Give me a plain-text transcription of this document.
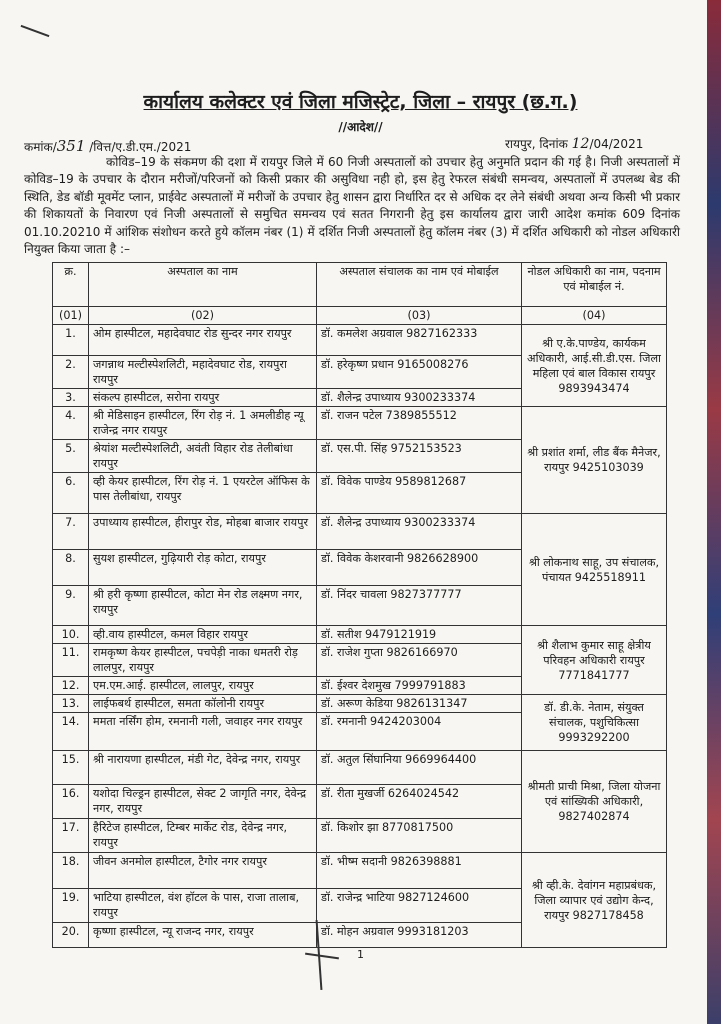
कार्यालय कलेक्टर एवं जिला मजिस्ट्रेट, जिला – रायपुर (छ.ग.)
//आदेश//
कमांक/351 /वित्त/ए.डी.एम./2021	रायपुर, दिनांक 12/04/2021
कोविड–19 के संकमण की दशा में रायपुर जिले में 60 निजी अस्पतालों को उपचार हेतु अनुमति प्रदान की गई है। निजी अस्पतालों में कोविड–19 के उपचार के दौरान मरीजों/परिजनों को किसी प्रकार की असुविधा नही हो, इस हेतु रेफरल संबंधी समन्वय, अस्पतालों में उपलब्ध बेड की स्थिति, डेड बॉडी मूवमेंट प्लान, प्राईवेट अस्पतालों में मरीजों के उपचार हेतु शासन द्वारा निर्धारित दर से अधिक दर लेने संबंधी अथवा अन्य किसी भी प्रकार की शिकायतों के निवारण एवं निजी अस्पतालों से समुचित समन्वय एवं सतत निगरानी हेतु इस कार्यालय द्वारा जारी आदेश कमांक 609 दिनांक 01.10.20210 में आंशिक संशोधन करते हुये कॉलम नंबर (1) में दर्शित निजी अस्पतालों हेतु कॉलम नंबर (3) में दर्शित अधिकारी को नोडल अधिकारी नियुक्त किया जाता है :–
क्र.	अस्पताल का नाम	अस्पताल संचालक का नाम एवं मोबाईल	नोडल अधिकारी का नाम, पदनाम एवं मोबाईल नं.
(01)	(02)	(03)	(04)
1.	ओम हास्पीटल, महादेवघाट रोड सुन्दर नगर रायपुर	डॉ. कमलेश अग्रवाल 9827162333	श्री ए.के.पाण्डेय, कार्यकम अधिकारी, आई.सी.डी.एस. जिला महिला एवं बाल विकास रायपुर 9893943474
2.	जगन्नाथ मल्टीस्पेशलिटी, महादेवघाट रोड, रायपुरा रायपुर	डॉ. हरेकृष्ण प्रधान 9165008276	
3.	संकल्प हास्पीटल, सरोना रायपुर	डॉ. शैलेन्द्र उपाध्याय 9300233374	
4.	श्री मेडिसाइन हास्पीटल, रिंग रोड़ नं. 1 अमलीडीह न्यू राजेन्द्र नगर रायपुर	डॉ. राजन पटेल 7389855512	श्री प्रशांत शर्मा, लीड बैंक मैनेजर, रायपुर 9425103039
5.	श्रेयांश मल्टीस्पेशलिटी, अवंती विहार रोड तेलीबांधा रायपुर	डॉ. एस.पी. सिंह 9752153523	
6.	व्ही केयर हास्पीटल, रिंग रोड़ नं. 1 एयरटेल ऑफिस के पास तेलीबांधा, रायपुर	डॉ. विवेक पाण्डेय 9589812687	
7.	उपाध्याय हास्पीटल, हीरापुर रोड, मोहबा बाजार रायपुर	डॉ. शैलेन्द्र उपाध्याय 9300233374	श्री लोकनाथ साहू, उप संचालक, पंचायत 9425518911
8.	सुयश हास्पीटल, गुढ़ियारी रोड़ कोटा, रायपुर	डॉ. विवेक केशरवानी 9826628900	
9.	श्री हरी कृष्णा हास्पीटल, कोटा मेन रोड लक्ष्मण नगर, रायपुर	डॉ. निंदर चावला 9827377777	
10.	व्ही.वाय हास्पीटल, कमल विहार रायपुर	डॉ. सतीश 9479121919	श्री शैलाभ कुमार साहू क्षेत्रीय परिवहन अधिकारी रायपुर 7771841777
11.	रामकृष्ण केयर हास्पीटल, पचपेड़ी नाका धमतरी रोड़ लालपुर, रायपुर	डॉ. राजेश गुप्ता 9826166970	
12.	एम.एम.आई. हास्पीटल, लालपुर, रायपुर	डॉ. ईश्वर देशमुख 7999791883	
13.	लाईफबर्थ हास्पीटल, समता कॉलोनी रायपुर	डॉ. अरूण केडिया 9826131347	डॉ. डी.के. नेताम, संयुक्त संचालक, पशुचिकित्सा 9993292200
14.	ममता नर्सिंग होम, रमनानी गली, जवाहर नगर रायपुर	डॉ. रमनानी 9424203004	
15.	श्री नारायणा हास्पीटल, मंडी गेट, देवेन्द्र नगर, रायपुर	डॉ. अतुल सिंघानिया 9669964400	श्रीमती प्राची मिश्रा, जिला योजना एवं सांख्यिकी अधिकारी, 9827402874
16.	यशोदा चिल्ड्रन हास्पीटल, सेक्ट 2 जागृति नगर, देवेन्द्र नगर, रायपुर	डॉ. रीता मुखर्जी 6264024542	
17.	हैरिटेज हास्पीटल, टिम्बर मार्केट रोड, देवेन्द्र नगर, रायपुर	डॉ. किशोर झा 8770817500	
18.	जीवन अनमोल हास्पीटल, टैगोर नगर रायपुर	डॉ. भीष्म सदानी 9826398881	श्री व्ही.के. देवांगन महाप्रबंधक, जिला व्यापार एवं उद्योग केन्द, रायपुर 9827178458
19.	भाटिया हास्पीटल, वंश हॉटल के पास, राजा तालाब, रायपुर	डॉ. राजेन्द्र भाटिया 9827124600	
20.	कृष्णा हास्पीटल, न्यू राजन्द नगर, रायपुर	डॉ. मोहन अग्रवाल 9993181203	
1
